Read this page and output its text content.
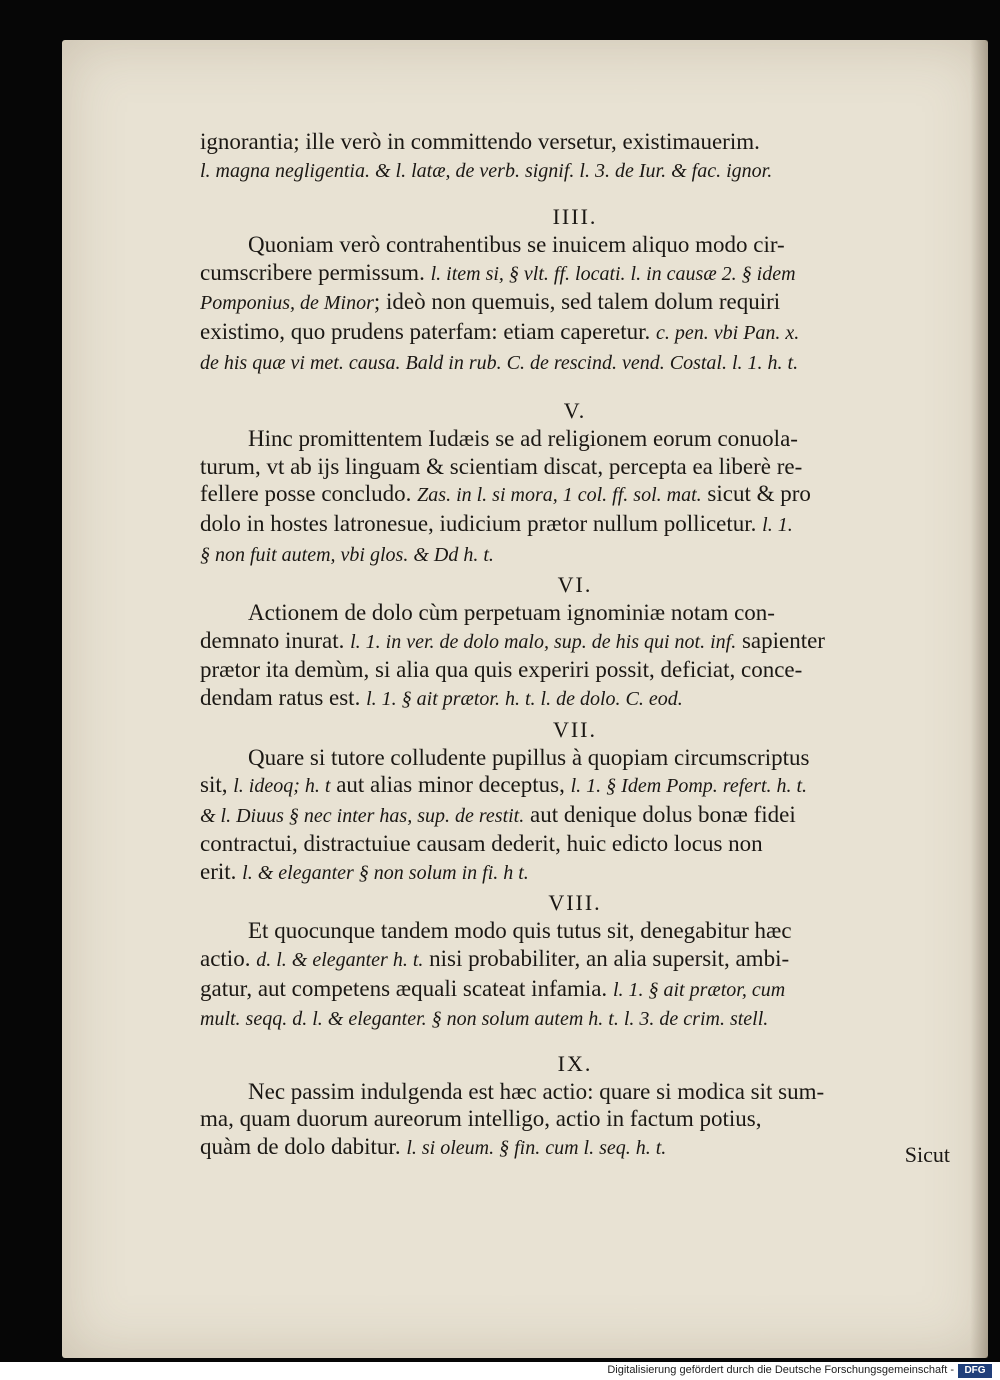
ignorantia; ille verò in committendo versetur, existimauerim.
l. magna negligentia. & l. latæ, de verb. signif. l. 3. de Iur. & fac. ignor.
IIII.
Quoniam verò contrahentibus se inuicem aliquo modo cir-
cumscribere permissum. l. item si, § vlt. ff. locati. l. in causæ 2. § idem
Pomponius, de Minor; ideò non quemuis, sed talem dolum requiri
existimo, quo prudens paterfam: etiam caperetur. c. pen. vbi Pan. x.
de his quæ vi met. causa. Bald in rub. C. de rescind. vend. Costal. l. 1. h. t.
V.
Hinc promittentem Iudæis se ad religionem eorum conuola-
turum, vt ab ijs linguam & scientiam discat, percepta ea liberè re-
fellere posse concludo. Zas. in l. si mora, 1 col. ff. sol. mat. sicut & pro
dolo in hostes latronesue, iudicium prætor nullum pollicetur. l. 1.
§ non fuit autem, vbi glos. & Dd h. t.
VI.
Actionem de dolo cùm perpetuam ignominiæ notam con-
demnato inurat. l. 1. in ver. de dolo malo, sup. de his qui not. inf. sapienter
prætor ita demùm, si alia qua quis experiri possit, deficiat, conce-
dendam ratus est. l. 1. § ait prætor. h. t. l. de dolo. C. eod.
VII.
Quare si tutore colludente pupillus à quopiam circumscriptus
sit, l. ideoq; h. t aut alias minor deceptus, l. 1. § Idem Pomp. refert. h. t.
& l. Diuus § nec inter has, sup. de restit. aut denique dolus bonæ fidei
contractui, distractuiue causam dederit, huic edicto locus non
erit. l. & eleganter § non solum in fi. h t.
VIII.
Et quocunque tandem modo quis tutus sit, denegabitur hæc
actio. d. l. & eleganter h. t. nisi probabiliter, an alia supersit, ambi-
gatur, aut competens æquali scateat infamia. l. 1. § ait prætor, cum
mult. seqq. d. l. & eleganter. § non solum autem h. t. l. 3. de crim. stell.
IX.
Nec passim indulgenda est hæc actio: quare si modica sit sum-
ma, quam duorum aureorum intelligo, actio in factum potius,
quàm de dolo dabitur. l. si oleum. § fin. cum l. seq. h. t.	Sicut
Digitalisierung gefördert durch die Deutsche Forschungsgemeinschaft -	DFG
